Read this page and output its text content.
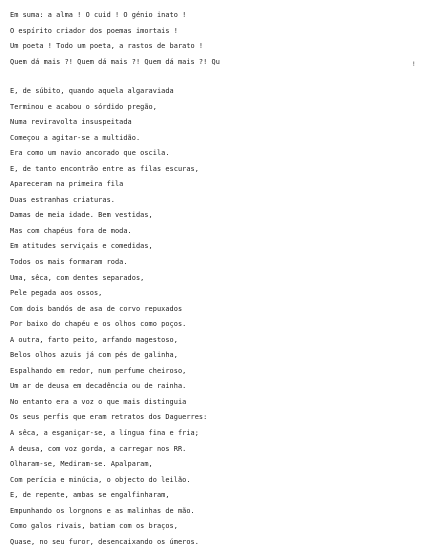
Em suma: a alma ! O cuid ! O génio inato !
O espírito criador dos poemas imortais !
Um poeta ! Todo um poeta, a rastos de barato !
Quem dá mais ?! Quem dá mais ?! Quem dá mais ?! Qu	!
E, de súbito, quando aquela algaraviada
Terminou e acabou o sórdido pregão,
Numa reviravolta insuspeitada
Começou a agitar-se a multidão.
Era como um navio ancorado que oscila.
E, de tanto encontrão entre as filas escuras,
Apareceram na primeira fila
Duas estranhas criaturas.
Damas de meia idade. Bem vestidas,
Mas com chapéus fora de moda.
Em atitudes serviçais e comedidas,
Todos os mais formaram roda.
Uma, sêca, com dentes separados,
Pele pegada aos ossos,
Com dois bandós de asa de corvo repuxados
Por baixo do chapéu e os olhos como poços.
A outra, farto peito, arfando magestoso,
Belos olhos azuis já com pés de galinha,
Espalhando em redor, num perfume cheiroso,
Um ar de deusa em decadência ou de rainha.
No entanto era a voz o que mais distinguia
Os seus perfis que eram retratos dos Daguerres:
A sêca, a esganiçar-se, a língua fina e fria;
A deusa, com voz gorda, a carregar nos RR.
Olharam-se, Mediram-se. Apalparam,
Com perícia e minúcia, o objecto do leilão.
E, de repente, ambas se engalfinharam,
Empunhando os lorgnons e as malinhas de mão.
Como galos rivais, batiam com os braços,
Quase, no seu furor, desencaixando os úmeros.
